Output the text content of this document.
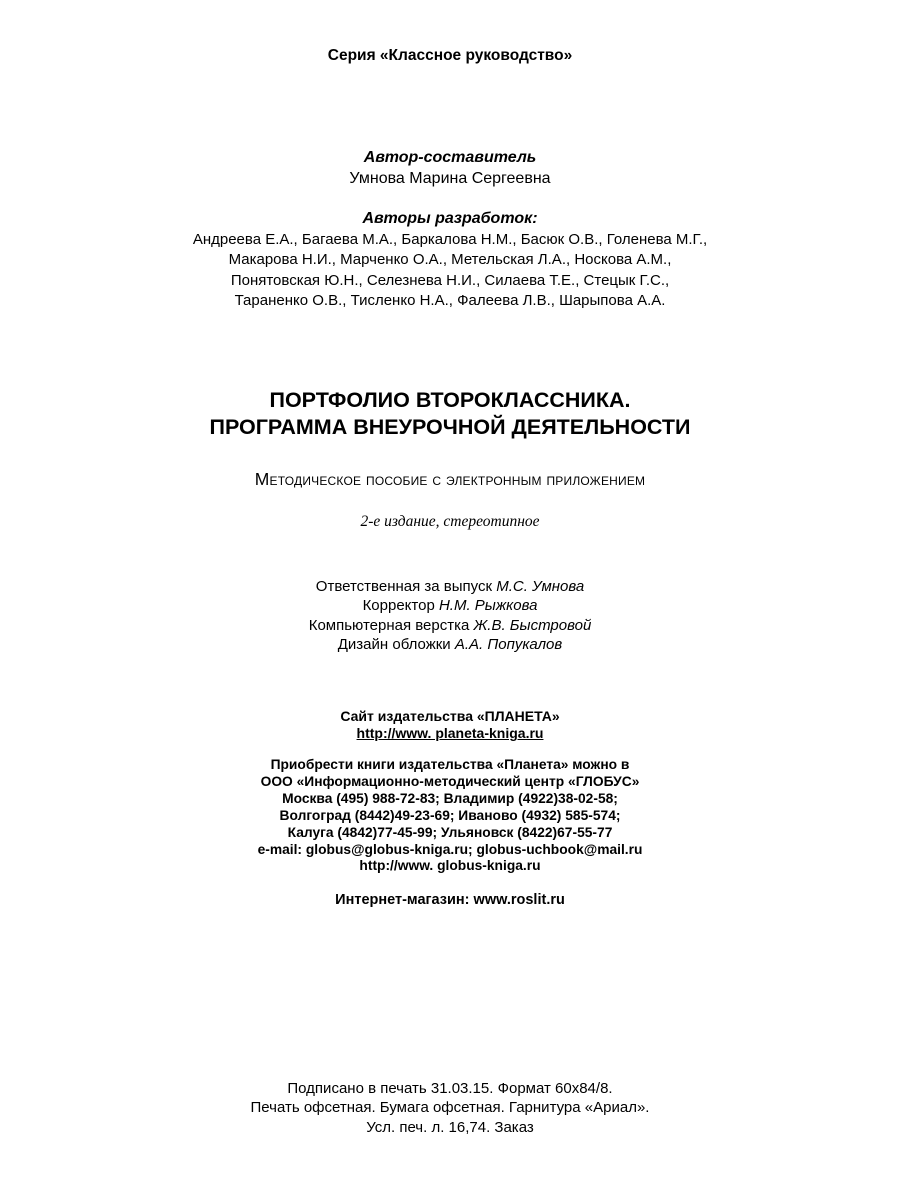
Серия «Классное руководство»
Автор-составитель
Умнова Марина Сергеевна
Авторы разработок:
Андреева Е.А., Багаева М.А., Баркалова Н.М., Басюк О.В., Голенева М.Г.,
Макарова Н.И., Марченко О.А., Метельская Л.А., Носкова А.М.,
Понятовская Ю.Н., Селезнева Н.И., Силаева Т.Е., Стецык Г.С.,
Тараненко О.В., Тисленко Н.А., Фалеева Л.В., Шарыпова А.А.
ПОРТФОЛИО ВТОРОКЛАССНИКА.
ПРОГРАММА ВНЕУРОЧНОЙ ДЕЯТЕЛЬНОСТИ
Методическое пособие с электронным приложением
2-е издание, стереотипное
Ответственная за выпуск М.С. Умнова
Корректор Н.М. Рыжкова
Компьютерная верстка Ж.В. Быстровой
Дизайн обложки А.А. Попукалов
Сайт издательства «ПЛАНЕТА»
http://www. planeta-kniga.ru
Приобрести книги издательства «Планета» можно в
ООО «Информационно-методический центр «ГЛОБУС»
Москва (495) 988-72-83; Владимир (4922)38-02-58;
Волгоград (8442)49-23-69; Иваново (4932) 585-574;
Калуга (4842)77-45-99; Ульяновск (8422)67-55-77
e-mail: globus@globus-kniga.ru; globus-uchbook@mail.ru
http://www. globus-kniga.ru
Интернет-магазин: www.roslit.ru
Подписано в печать 31.03.15. Формат 60x84/8.
Печать офсетная. Бумага офсетная. Гарнитура «Ариал».
Усл. печ. л. 16,74. Заказ
